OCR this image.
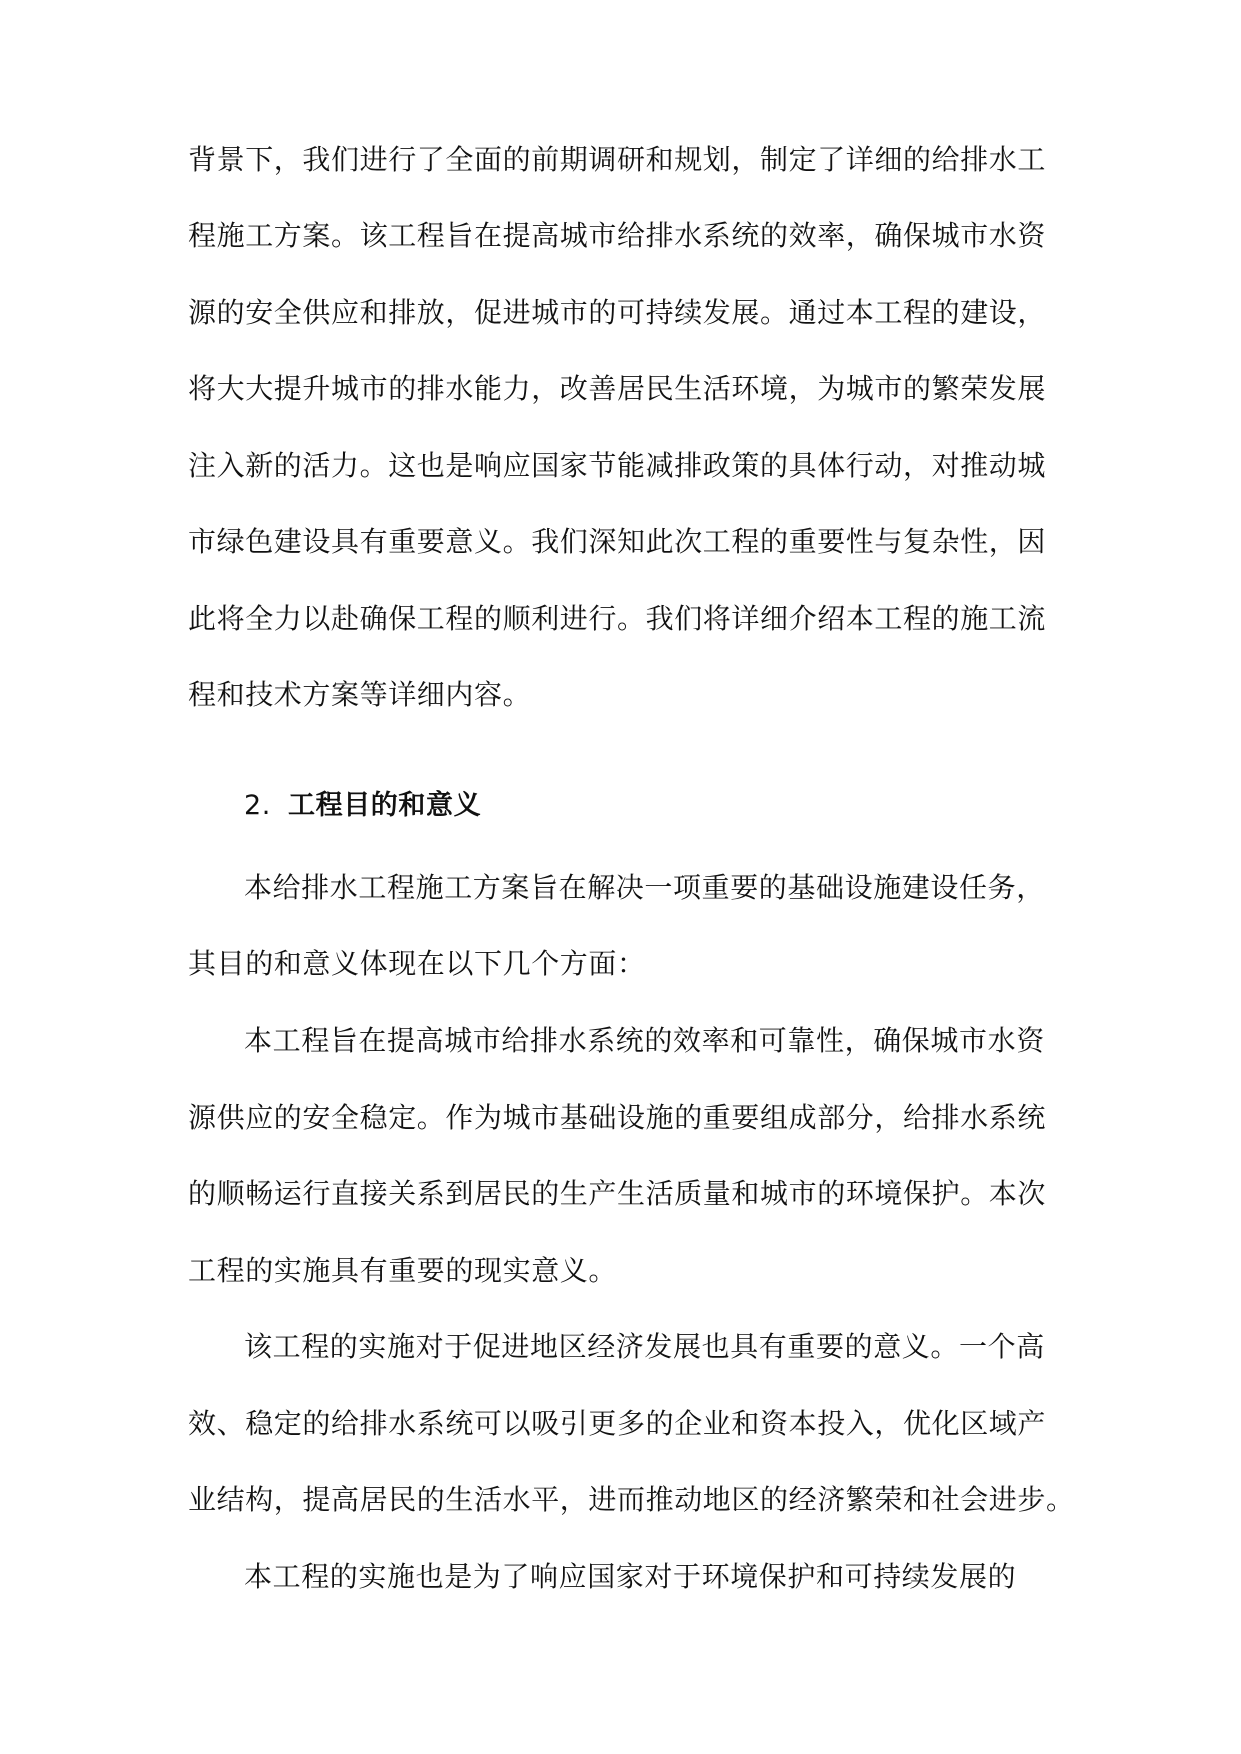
背景下，我们进行了全面的前期调研和规划，制定了详细的给排水工
程施工方案。该工程旨在提高城市给排水系统的效率，确保城市水资
源的安全供应和排放，促进城市的可持续发展。通过本工程的建设，
将大大提升城市的排水能力，改善居民生活环境，为城市的繁荣发展
注入新的活力。这也是响应国家节能减排政策的具体行动，对推动城
市绿色建设具有重要意义。我们深知此次工程的重要性与复杂性，因
此将全力以赴确保工程的顺利进行。我们将详细介绍本工程的施工流
程和技术方案等详细内容。
2. 工程目的和意义
本给排水工程施工方案旨在解决一项重要的基础设施建设任务，
其目的和意义体现在以下几个方面：
本工程旨在提高城市给排水系统的效率和可靠性，确保城市水资
源供应的安全稳定。作为城市基础设施的重要组成部分，给排水系统
的顺畅运行直接关系到居民的生产生活质量和城市的环境保护。本次
工程的实施具有重要的现实意义。
该工程的实施对于促进地区经济发展也具有重要的意义。一个高
效、稳定的给排水系统可以吸引更多的企业和资本投入，优化区域产
业结构，提高居民的生活水平，进而推动地区的经济繁荣和社会进步。
本工程的实施也是为了响应国家对于环境保护和可持续发展的
